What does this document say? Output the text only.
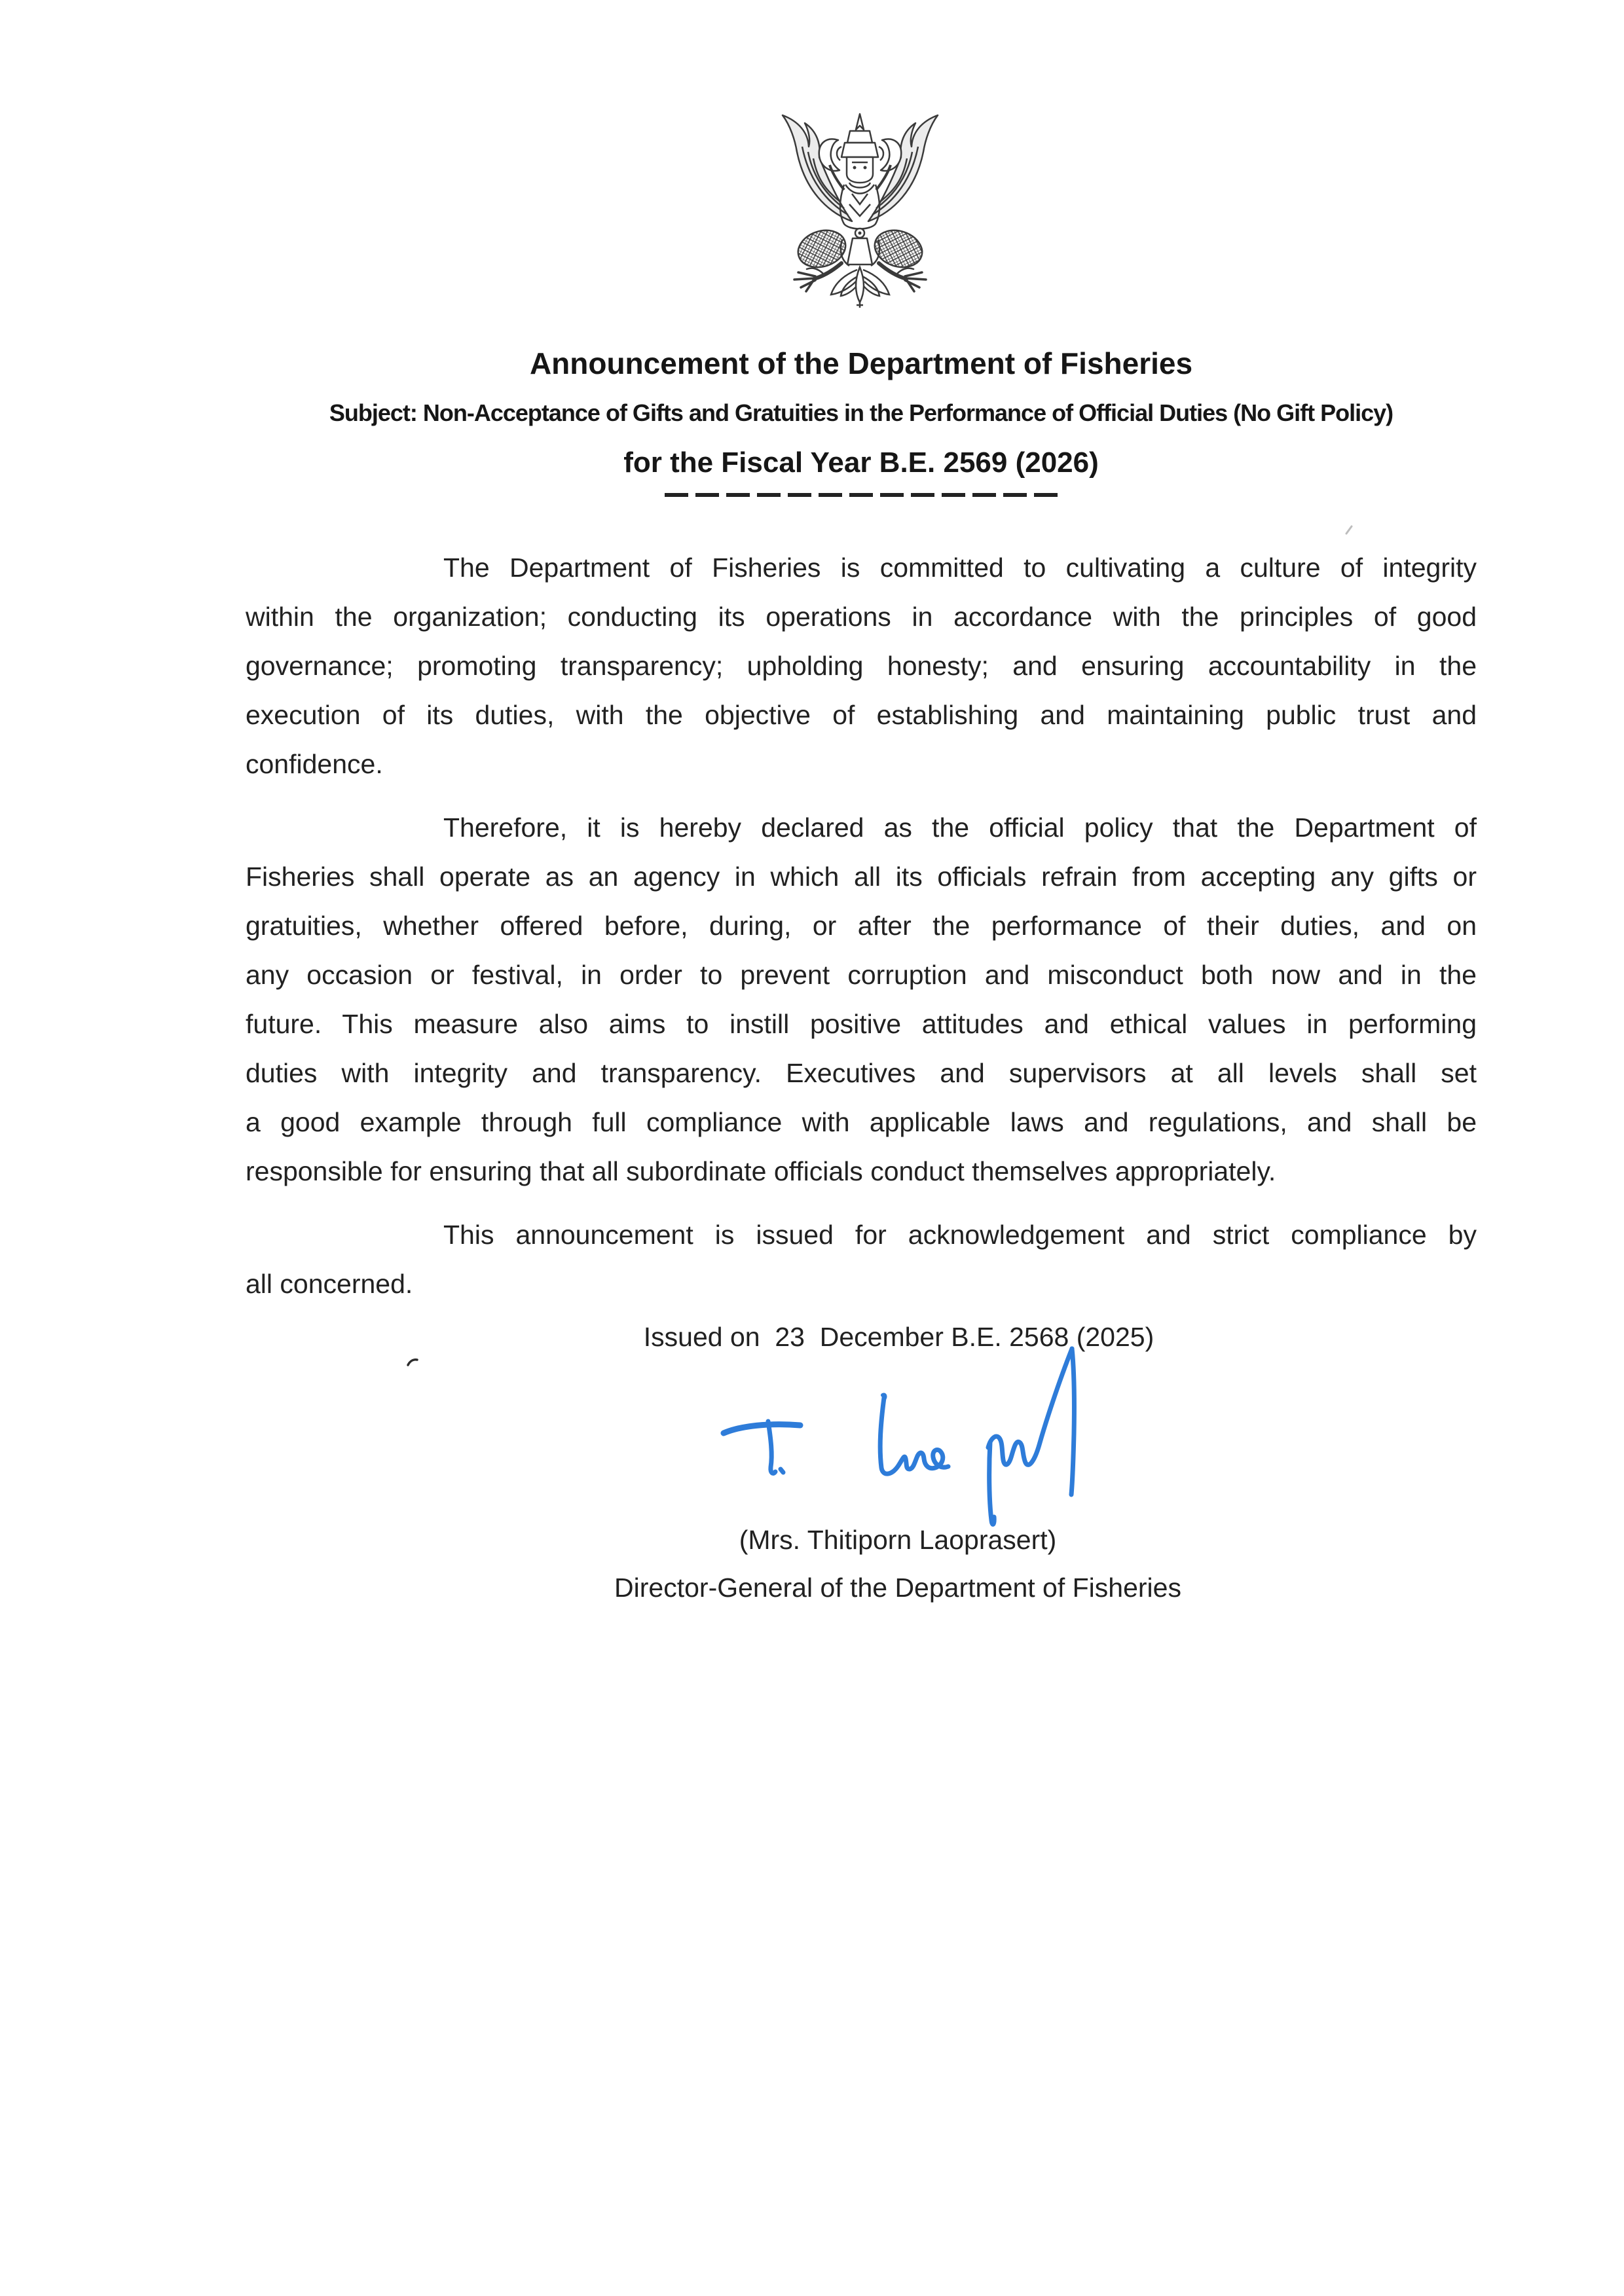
Announcement of the Department of Fisheries
Subject: Non-Acceptance of Gifts and Gratuities in the Performance of Official Duties (No Gift Policy)
for the Fiscal Year B.E. 2569 (2026)
The Department of Fisheries is committed to cultivating a culture of integrity
within the organization; conducting its operations in accordance with the principles of good
governance; promoting transparency; upholding honesty; and ensuring accountability in the
execution of its duties, with the objective of establishing and maintaining public trust and
confidence.
Therefore, it is hereby declared as the official policy that the Department of
Fisheries shall operate as an agency in which all its officials refrain from accepting any gifts or
gratuities, whether offered before, during, or after the performance of their duties, and on
any occasion or festival, in order to prevent corruption and misconduct both now and in the
future. This measure also aims to instill positive attitudes and ethical values in performing
duties with integrity and transparency. Executives and supervisors at all levels shall set
a good example through full compliance with applicable laws and regulations, and shall be
responsible for ensuring that all subordinate officials conduct themselves appropriately.
This announcement is issued for acknowledgement and strict compliance by
all concerned.
Issued on  23  December B.E. 2568 (2025)
(Mrs. Thitiporn Laoprasert)
Director-General of the Department of Fisheries
